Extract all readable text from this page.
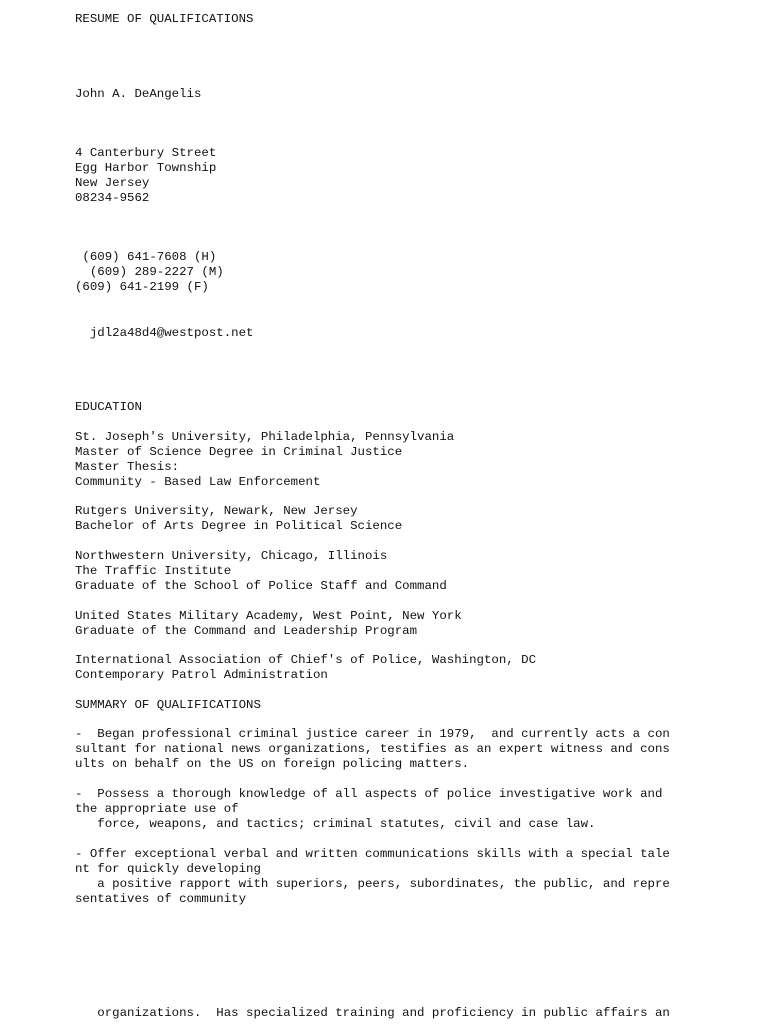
RESUME OF QUALIFICATIONS
John A. DeAngelis
4 Canterbury Street
Egg Harbor Township
New Jersey
08234-9562
(609) 641-7608 (H)
(609) 289-2227 (M)
(609) 641-2199 (F)
jdl2a48d4@westpost.net
EDUCATION
St. Joseph's University, Philadelphia, Pennsylvania
Master of Science Degree in Criminal Justice
Master Thesis:
Community - Based Law Enforcement
Rutgers University, Newark, New Jersey
Bachelor of Arts Degree in Political Science
Northwestern University, Chicago, Illinois
The Traffic Institute
Graduate of the School of Police Staff and Command
United States Military Academy, West Point, New York
Graduate of the Command and Leadership Program
International Association of Chief's of Police, Washington, DC
Contemporary Patrol Administration
SUMMARY OF QUALIFICATIONS
-  Began professional criminal justice career in 1979,  and currently acts a con
sultant for national news organizations, testifies as an expert witness and cons
ults on behalf on the US on foreign policing matters.
-  Possess a thorough knowledge of all aspects of police investigative work and
the appropriate use of
force, weapons, and tactics; criminal statutes, civil and case law.
- Offer exceptional verbal and written communications skills with a special tale
nt for quickly developing
a positive rapport with superiors, peers, subordinates, the public, and repre
sentatives of community
organizations.  Has specialized training and proficiency in public affairs an
